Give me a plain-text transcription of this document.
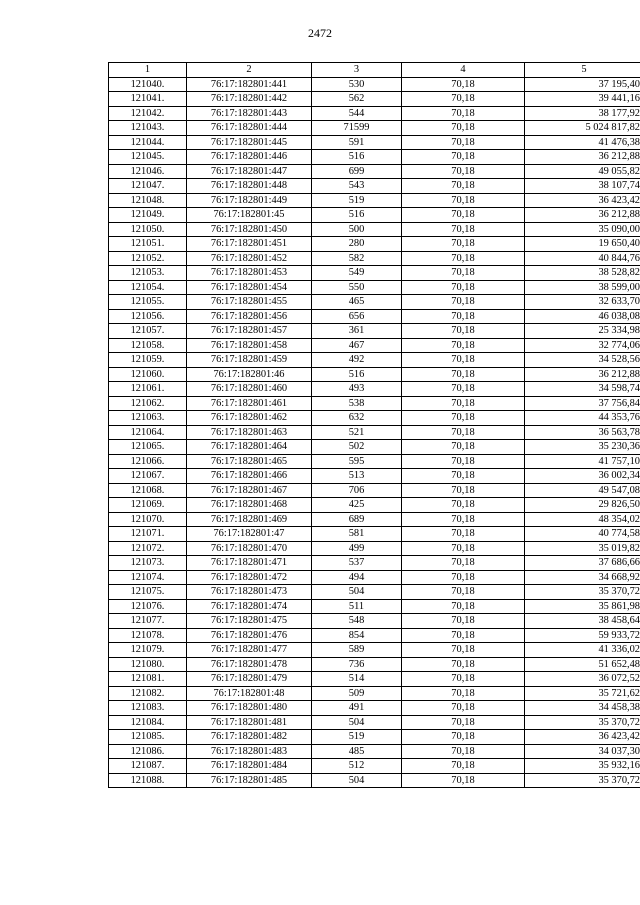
2472
1	2	3	4	5
121040.	76:17:182801:441	530	70,18	37 195,40
121041.	76:17:182801:442	562	70,18	39 441,16
121042.	76:17:182801:443	544	70,18	38 177,92
121043.	76:17:182801:444	71599	70,18	5 024 817,82
121044.	76:17:182801:445	591	70,18	41 476,38
121045.	76:17:182801:446	516	70,18	36 212,88
121046.	76:17:182801:447	699	70,18	49 055,82
121047.	76:17:182801:448	543	70,18	38 107,74
121048.	76:17:182801:449	519	70,18	36 423,42
121049.	76:17:182801:45	516	70,18	36 212,88
121050.	76:17:182801:450	500	70,18	35 090,00
121051.	76:17:182801:451	280	70,18	19 650,40
121052.	76:17:182801:452	582	70,18	40 844,76
121053.	76:17:182801:453	549	70,18	38 528,82
121054.	76:17:182801:454	550	70,18	38 599,00
121055.	76:17:182801:455	465	70,18	32 633,70
121056.	76:17:182801:456	656	70,18	46 038,08
121057.	76:17:182801:457	361	70,18	25 334,98
121058.	76:17:182801:458	467	70,18	32 774,06
121059.	76:17:182801:459	492	70,18	34 528,56
121060.	76:17:182801:46	516	70,18	36 212,88
121061.	76:17:182801:460	493	70,18	34 598,74
121062.	76:17:182801:461	538	70,18	37 756,84
121063.	76:17:182801:462	632	70,18	44 353,76
121064.	76:17:182801:463	521	70,18	36 563,78
121065.	76:17:182801:464	502	70,18	35 230,36
121066.	76:17:182801:465	595	70,18	41 757,10
121067.	76:17:182801:466	513	70,18	36 002,34
121068.	76:17:182801:467	706	70,18	49 547,08
121069.	76:17:182801:468	425	70,18	29 826,50
121070.	76:17:182801:469	689	70,18	48 354,02
121071.	76:17:182801:47	581	70,18	40 774,58
121072.	76:17:182801:470	499	70,18	35 019,82
121073.	76:17:182801:471	537	70,18	37 686,66
121074.	76:17:182801:472	494	70,18	34 668,92
121075.	76:17:182801:473	504	70,18	35 370,72
121076.	76:17:182801:474	511	70,18	35 861,98
121077.	76:17:182801:475	548	70,18	38 458,64
121078.	76:17:182801:476	854	70,18	59 933,72
121079.	76:17:182801:477	589	70,18	41 336,02
121080.	76:17:182801:478	736	70,18	51 652,48
121081.	76:17:182801:479	514	70,18	36 072,52
121082.	76:17:182801:48	509	70,18	35 721,62
121083.	76:17:182801:480	491	70,18	34 458,38
121084.	76:17:182801:481	504	70,18	35 370,72
121085.	76:17:182801:482	519	70,18	36 423,42
121086.	76:17:182801:483	485	70,18	34 037,30
121087.	76:17:182801:484	512	70,18	35 932,16
121088.	76:17:182801:485	504	70,18	35 370,72
